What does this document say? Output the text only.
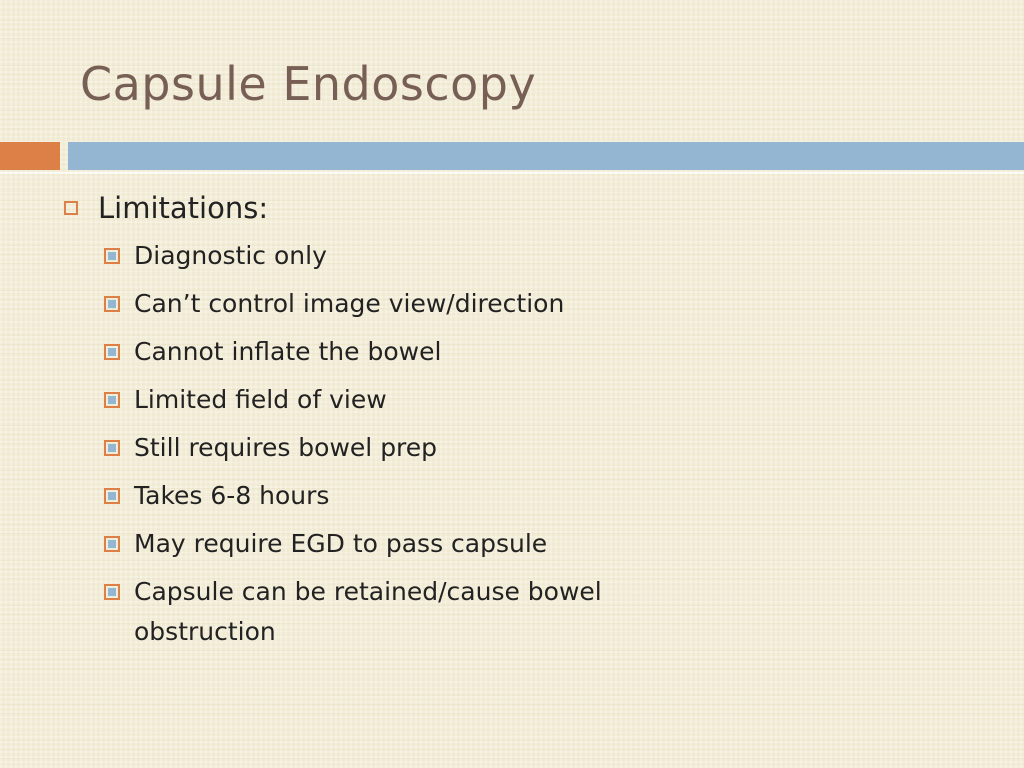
Capsule Endoscopy
Limitations:
Diagnostic only
Can’t control image view/direction
Cannot inflate the bowel
Limited field of view
Still requires bowel prep
Takes 6-8 hours
May require EGD to pass capsule
Capsule can be retained/cause bowel obstruction
